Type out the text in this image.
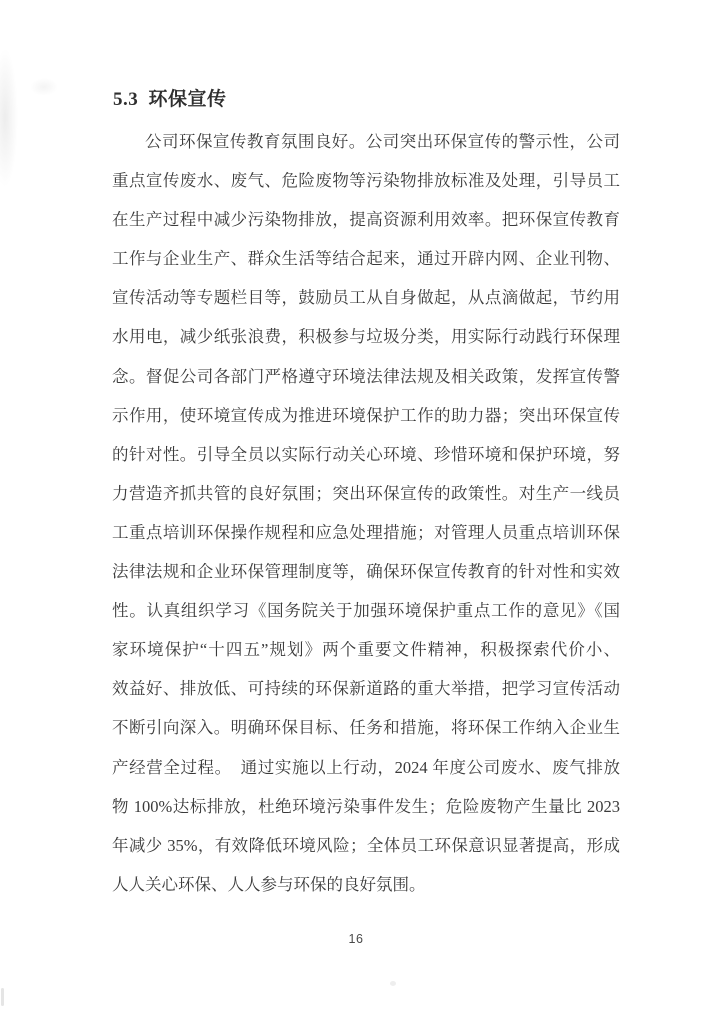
5.3 环保宣传
公司环保宣传教育氛围良好。公司突出环保宣传的警示性，公司
重点宣传废水、废气、危险废物等污染物排放标准及处理，引导员工
在生产过程中减少污染物排放，提高资源利用效率。把环保宣传教育
工作与企业生产、群众生活等结合起来，通过开辟内网、企业刊物、
宣传活动等专题栏目等，鼓励员工从自身做起，从点滴做起，节约用
水用电，减少纸张浪费，积极参与垃圾分类，用实际行动践行环保理
念。督促公司各部门严格遵守环境法律法规及相关政策，发挥宣传警
示作用，使环境宣传成为推进环境保护工作的助力器；突出环保宣传
的针对性。引导全员以实际行动关心环境、珍惜环境和保护环境，努
力营造齐抓共管的良好氛围；突出环保宣传的政策性。对生产一线员
工重点培训环保操作规程和应急处理措施；对管理人员重点培训环保
法律法规和企业环保管理制度等，确保环保宣传教育的针对性和实效
性。认真组织学习《国务院关于加强环境保护重点工作的意见》《国
家环境保护“十四五”规划》两个重要文件精神，积极探索代价小、
效益好、排放低、可持续的环保新道路的重大举措，把学习宣传活动
不断引向深入。明确环保目标、任务和措施，将环保工作纳入企业生
产经营全过程。　通过实施以上行动，2024 年度公司废水、废气排放
物 100%达标排放，杜绝环境污染事件发生；危险废物产生量比 2023
年减少 35%，有效降低环境风险；全体员工环保意识显著提高，形成
人人关心环保、人人参与环保的良好氛围。
16
